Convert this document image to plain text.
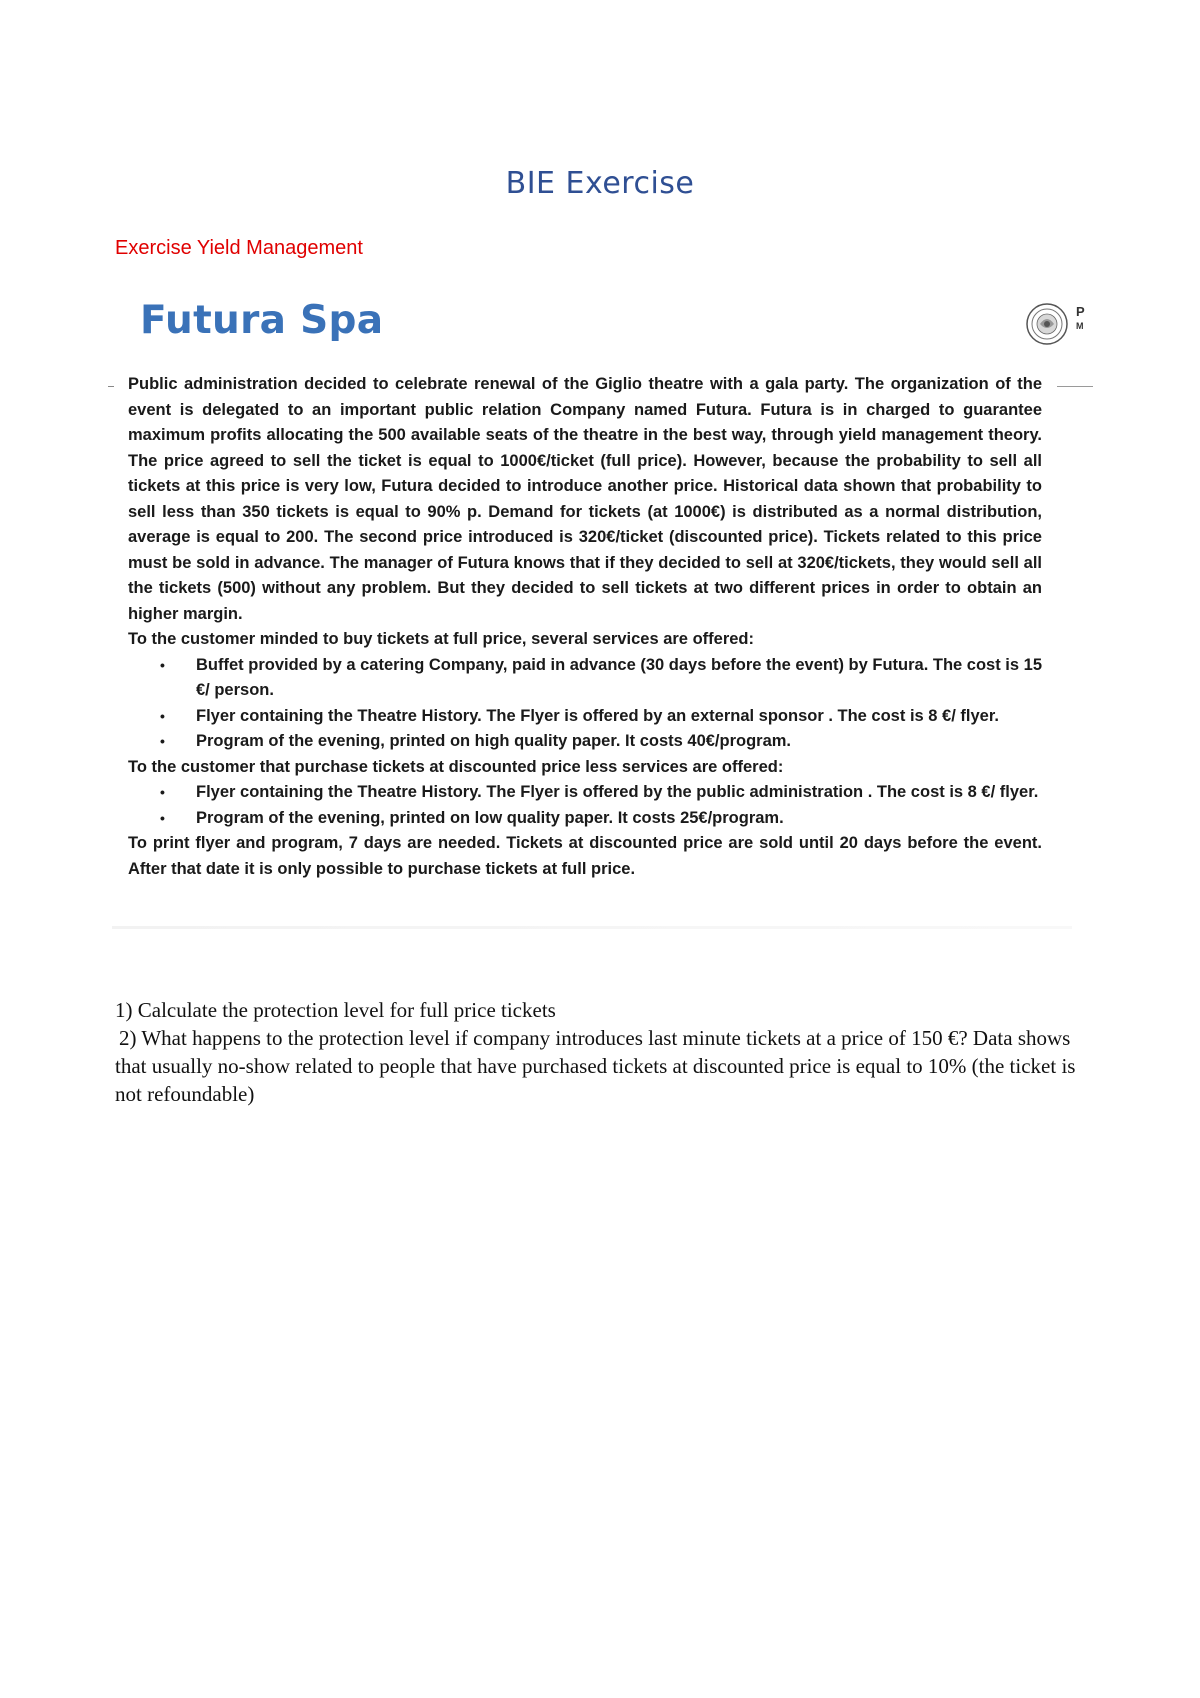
BIE Exercise
Exercise Yield Management
Futura Spa	P
M

Public administration decided to celebrate renewal of the Giglio theatre with a gala party. The organization of the event is delegated to an important public relation Company named Futura. Futura is in charged to guarantee maximum profits allocating the 500 available seats of the theatre in the best way, through yield management theory. The price agreed to sell the ticket is equal to 1000€/ticket (full price). However, because the probability to sell all tickets at this price is very low, Futura decided to introduce another price. Historical data shown that probability to sell less than 350 tickets is equal to 90% p. Demand for tickets (at 1000€) is distributed as a normal distribution, average is equal to 200. The second price introduced is 320€/ticket (discounted price). Tickets related to this price must be sold in advance. The manager of Futura knows that if they decided to sell at 320€/tickets, they would sell all the tickets (500) without any problem. But they decided to sell tickets at two different prices in order to obtain an higher margin.

To the customer minded to buy tickets at full price, several services are offered:

• Buffet provided by a catering Company, paid in advance (30 days before the event) by Futura. The cost is 15 €/ person.
• Flyer containing the Theatre History. The Flyer is offered by an external sponsor . The cost is 8 €/ flyer.
• Program of the evening, printed on high quality paper. It costs 40€/program.

To the customer that purchase tickets at discounted price less services are offered:

• Flyer containing the Theatre History. The Flyer is offered by the public administration . The cost is 8 €/ flyer.
• Program of the evening, printed on low quality paper. It costs 25€/program.

To print flyer and program, 7 days are needed. Tickets at discounted price are sold until 20 days before the event. After that date it is only possible to purchase tickets at full price.

1) Calculate the protection level for full price tickets

2) What happens to the protection level if company introduces last minute tickets at a price of 150 €? Data shows that usually no-show related to people that have purchased tickets at discounted price is equal to 10% (the ticket is not refoundable)
